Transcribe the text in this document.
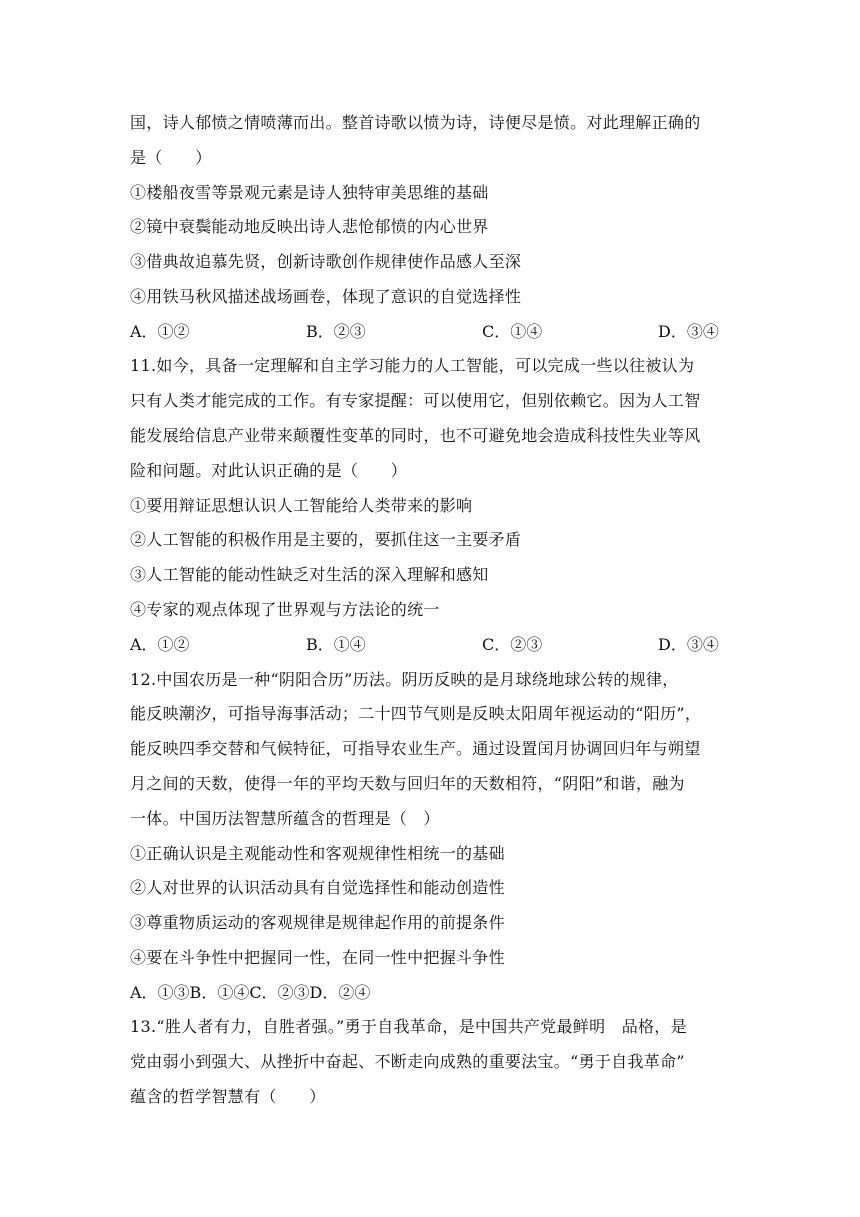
国，诗人郁愤之情喷薄而出。整首诗歌以愤为诗，诗便尽是愤。对此理解正确的
是（　　）
①楼船夜雪等景观元素是诗人独特审美思维的基础
②镜中衰鬓能动地反映出诗人悲怆郁愤的内心世界
③借典故追慕先贤，创新诗歌创作规律使作品感人至深
④用铁马秋风描述战场画卷，体现了意识的自觉选择性
A．①②	B．②③	C．①④	D．③④
11.如今，具备一定理解和自主学习能力的人工智能，可以完成一些以往被认为
只有人类才能完成的工作。有专家提醒：可以使用它，但别依赖它。因为人工智
能发展给信息产业带来颠覆性变革的同时，也不可避免地会造成科技性失业等风
险和问题。对此认识正确的是（　　）
①要用辩证思想认识人工智能给人类带来的影响
②人工智能的积极作用是主要的，要抓住这一主要矛盾
③人工智能的能动性缺乏对生活的深入理解和感知
④专家的观点体现了世界观与方法论的统一
A．①②	B．①④	C．②③	D．③④
12.中国农历是一种“阴阳合历”历法。阴历反映的是月球绕地球公转的规律，
能反映潮汐，可指导海事活动；二十四节气则是反映太阳周年视运动的“阳历”，
能反映四季交替和气候特征，可指导农业生产。通过设置闰月协调回归年与朔望
月之间的天数，使得一年的平均天数与回归年的天数相符，“阴阳”和谐，融为
一体。中国历法智慧所蕴含的哲理是（　）
①正确认识是主观能动性和客观规律性相统一的基础
②人对世界的认识活动具有自觉选择性和能动创造性
③尊重物质运动的客观规律是规律起作用的前提条件
④要在斗争性中把握同一性，在同一性中把握斗争性
A．①③B．①④C．②③D．②④
13.“胜人者有力，自胜者强。”勇于自我革命，是中国共产党最鲜明　品格，是
党由弱小到强大、从挫折中奋起、不断走向成熟的重要法宝。“勇于自我革命”
蕴含的哲学智慧有（　　）
